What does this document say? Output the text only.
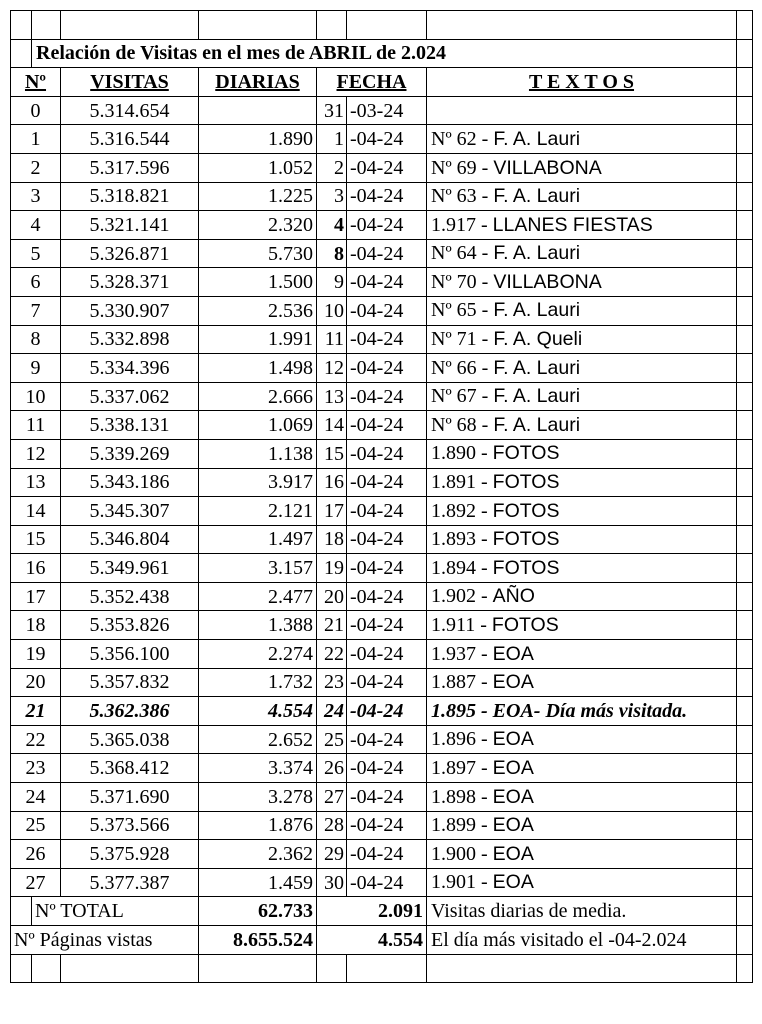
	Relación de Visitas en el mes de ABRIL de 2.024						
Nº		VISITAS	DIARIAS	FECHA		T E X T O S	
0		5.314.654		31	-03-24		
1		5.316.544	1.890	1	-04-24	Nº 62 - F. A. Lauri	
2		5.317.596	1.052	2	-04-24	Nº 69 - VILLABONA	
3		5.318.821	1.225	3	-04-24	Nº 63 - F. A. Lauri	
4		5.321.141	2.320	4	-04-24	1.917 - LLANES FIESTAS	
5		5.326.871	5.730	8	-04-24	Nº 64 - F. A. Lauri	
6		5.328.371	1.500	9	-04-24	Nº 70 - VILLABONA	
7		5.330.907	2.536	10	-04-24	Nº 65 - F. A. Lauri	
8		5.332.898	1.991	11	-04-24	Nº 71 - F. A. Queli	
9		5.334.396	1.498	12	-04-24	Nº 66 - F. A. Lauri	
10		5.337.062	2.666	13	-04-24	Nº 67 - F. A. Lauri	
11		5.338.131	1.069	14	-04-24	Nº 68 - F. A. Lauri	
12		5.339.269	1.138	15	-04-24	1.890 - FOTOS	
13		5.343.186	3.917	16	-04-24	1.891 - FOTOS	
14		5.345.307	2.121	17	-04-24	1.892 - FOTOS	
15		5.346.804	1.497	18	-04-24	1.893 - FOTOS	
16		5.349.961	3.157	19	-04-24	1.894 - FOTOS	
17		5.352.438	2.477	20	-04-24	1.902 - AÑO	
18		5.353.826	1.388	21	-04-24	1.911 - FOTOS	
19		5.356.100	2.274	22	-04-24	1.937 - EOA	
20		5.357.832	1.732	23	-04-24	1.887 - EOA	
21		5.362.386	4.554	24	-04-24	1.895 - EOA- Día más visitada.	
22		5.365.038	2.652	25	-04-24	1.896 - EOA	
23		5.368.412	3.374	26	-04-24	1.897 - EOA	
24		5.371.690	3.278	27	-04-24	1.898 - EOA	
25		5.373.566	1.876	28	-04-24	1.899 - EOA	
26		5.375.928	2.362	29	-04-24	1.900 - EOA	
27		5.377.387	1.459	30	-04-24	1.901 - EOA	
	Nº TOTAL		62.733	2.091		Visitas diarias de media.	
Nº Páginas vistas			8.655.524	4.554		El día más visitado el -04-2.024	
